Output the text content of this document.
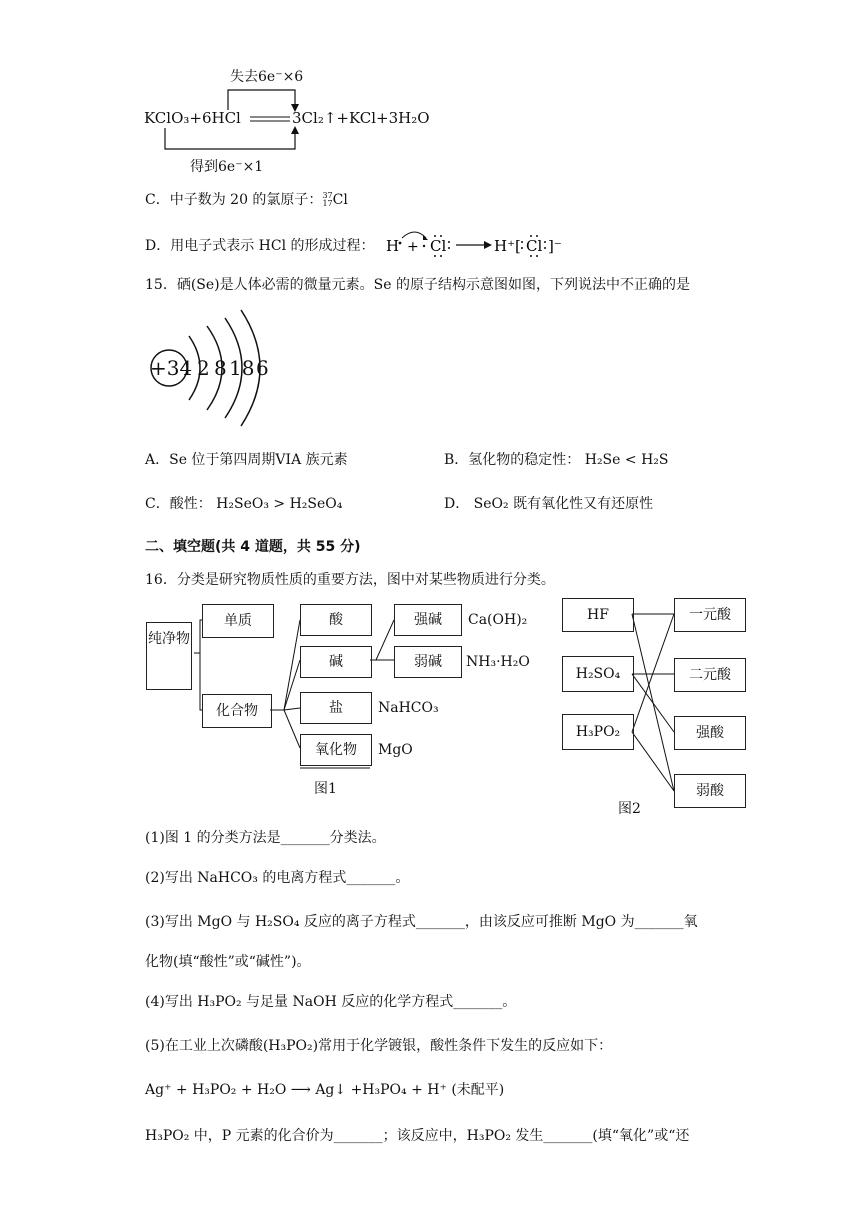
失去6e⁻×6
KClO₃+6HCl	3Cl₂↑+KCl+3H₂O
得到6e⁻×1
C．中子数为 20 的氯原子：37
17Cl
D．用电子式表示 HCl 的形成过程： H + Cl	H⁺[ Cl ]⁻
15．硒(Se)是人体必需的微量元素。Se 的原子结构示意图如图，下列说法中不正确的是
+34 2 8 18 6
A．Se 位于第四周期VIA 族元素	B．氢化物的稳定性： H₂Se < H₂S
C．酸性： H₂SeO₃ > H₂SeO₄	D． SeO₂ 既有氧化性又有还原性
二、填空题(共 4 道题，共 55 分)
16．分类是研究物质性质的重要方法，图中对某些物质进行分类。
纯净物
单质
化合物
酸
碱
盐
氧化物
强碱
弱碱
Ca(OH)₂
NH₃·H₂O
NaHCO₃
MgO
图1
HF
H₂SO₄
H₃PO₂
一元酸
二元酸
强酸
弱酸
图2
(1)图 1 的分类方法是_______分类法。
(2)写出 NaHCO₃ 的电离方程式_______。
(3)写出 MgO 与 H₂SO₄ 反应的离子方程式_______，由该反应可推断 MgO 为_______氧
化物(填“酸性”或“碱性”)。
(4)写出 H₃PO₂ 与足量 NaOH 反应的化学方程式_______。
(5)在工业上次磷酸(H₃PO₂)常用于化学镀银，酸性条件下发生的反应如下：
Ag⁺ + H₃PO₂ + H₂O ⟶ Ag↓ +H₃PO₄ + H⁺ (未配平)
H₃PO₂ 中，P 元素的化合价为_______；该反应中，H₃PO₂ 发生_______(填“氧化”或“还
